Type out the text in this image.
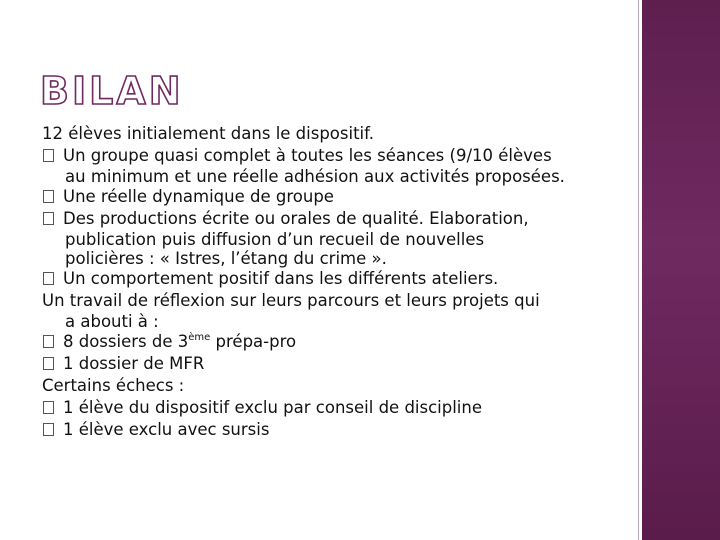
BILAN
12 élèves initialement dans le dispositif.
Un groupe quasi complet à toutes les séances (9/10 élèves
au minimum et une réelle adhésion aux activités proposées.
Une réelle dynamique de groupe
Des productions écrite ou orales de qualité. Elaboration,
publication puis diffusion d’un recueil de nouvelles
policières : « Istres, l’étang du crime ».
Un comportement positif dans les différents ateliers.
Un travail de réflexion sur leurs parcours et leurs projets qui
a abouti à :
8 dossiers de 3ème prépa-pro
1 dossier de MFR
Certains échecs :
1 élève du dispositif exclu par conseil de discipline
1 élève exclu avec sursis
